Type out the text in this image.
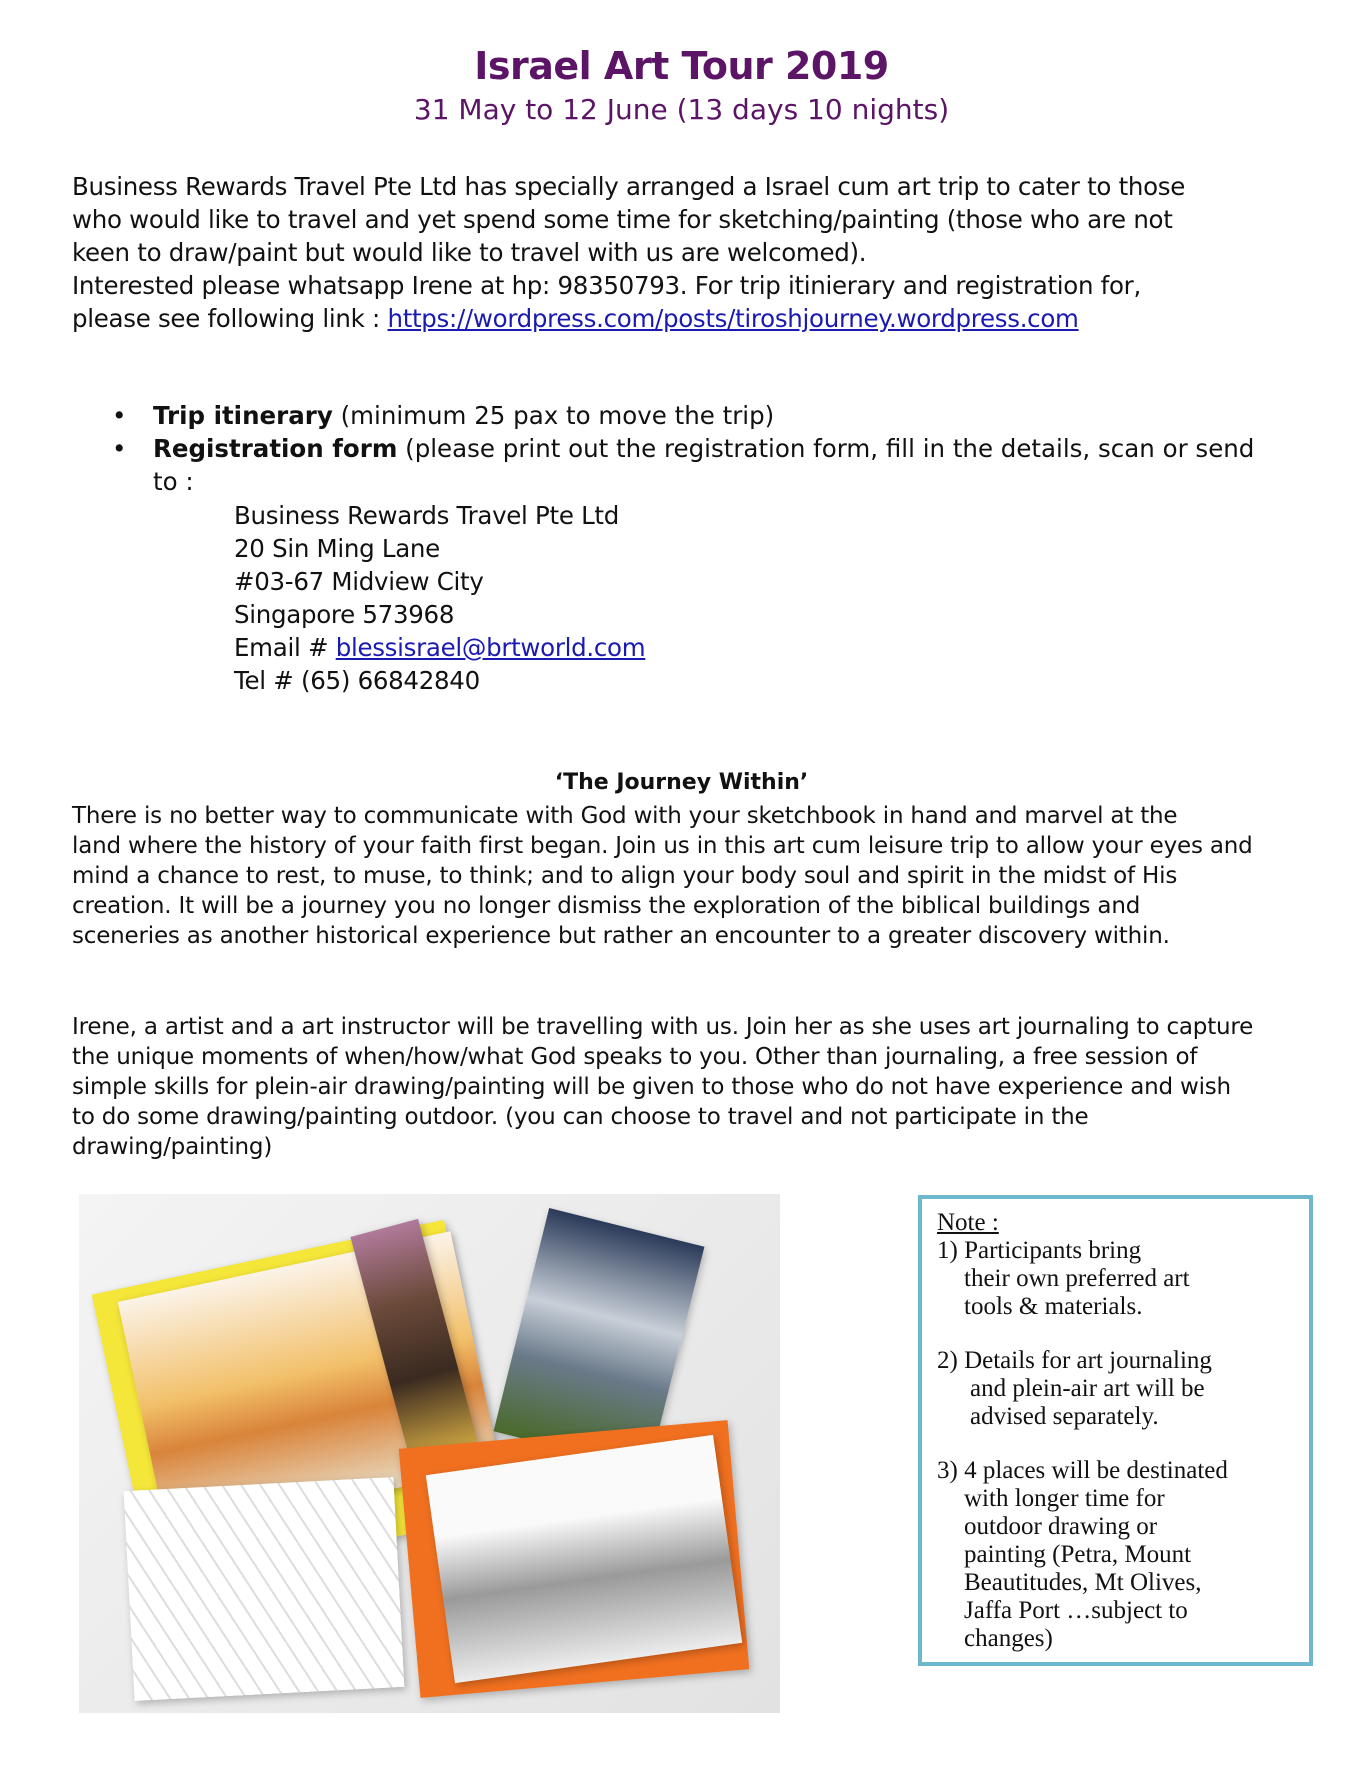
Israel Art Tour 2019
31 May to 12 June (13 days 10 nights)
Business Rewards Travel Pte Ltd has specially arranged a Israel cum art trip to cater to those
who would like to travel and yet spend some time for sketching/painting (those who are not
keen to draw/paint but would like to travel with us are welcomed).
Interested please whatsapp Irene at hp: 98350793. For trip itinierary and registration for,
please see following link : https://wordpress.com/posts/tiroshjourney.wordpress.com
• Trip itinerary (minimum 25 pax to move the trip)
• Registration form (please print out the registration form, fill in the details, scan or send
to :
Business Rewards Travel Pte Ltd
20 Sin Ming Lane
#03-67 Midview City
Singapore 573968
Email # blessisrael@brtworld.com
Tel # (65) 66842840
‘The Journey Within’
There is no better way to communicate with God with your sketchbook in hand and marvel at the
land where the history of your faith first began. Join us in this art cum leisure trip to allow your eyes and
mind a chance to rest, to muse, to think; and to align your body soul and spirit in the midst of His
creation. It will be a journey you no longer dismiss the exploration of the biblical buildings and
sceneries as another historical experience but rather an encounter to a greater discovery within.
Irene, a artist and a art instructor will be travelling with us. Join her as she uses art journaling to capture
the unique moments of when/how/what God speaks to you. Other than journaling, a free session of
simple skills for plein-air drawing/painting will be given to those who do not have experience and wish
to do some drawing/painting outdoor. (you can choose to travel and not participate in the
drawing/painting)
Note :
1) Participants bring
their own preferred art
tools & materials.
2) Details for art journaling
and plein-air art will be
advised separately.
3) 4 places will be destinated
with longer time for
outdoor drawing or
painting (Petra, Mount
Beautitudes, Mt Olives,
Jaffa Port …subject to
changes)
